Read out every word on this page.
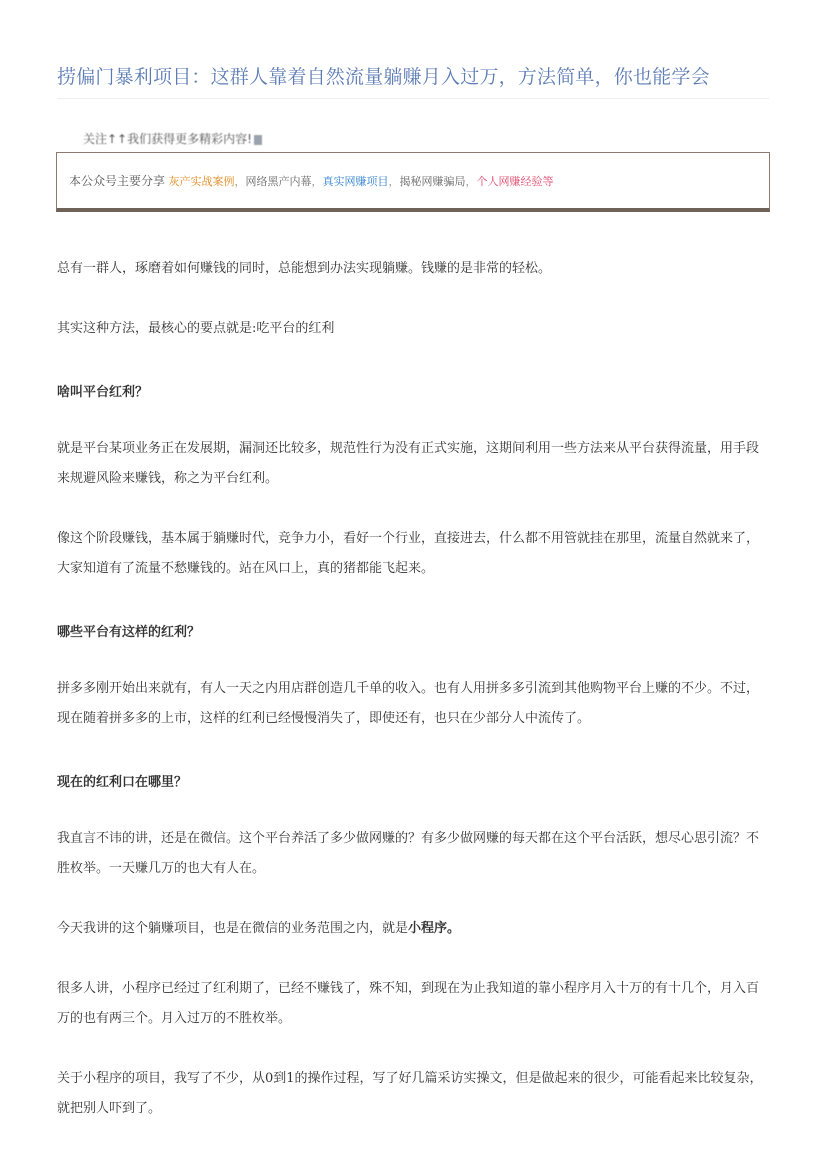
捞偏门暴利项目：这群人靠着自然流量躺赚月入过万，方法简单，你也能学会
关注↑↑我们获得更多精彩内容!
本公众号主要分享 灰产实战案例，网络黑产内幕，真实网赚项目，揭秘网赚骗局，个人网赚经验等
总有一群人，琢磨着如何赚钱的同时，总能想到办法实现躺赚。钱赚的是非常的轻松。
其实这种方法，最核心的要点就是:吃平台的红利
啥叫平台红利？
就是平台某项业务正在发展期，漏洞还比较多，规范性行为没有正式实施，这期间利用一些方法来从平台获得流量，用手段来规避风险来赚钱，称之为平台红利。
像这个阶段赚钱，基本属于躺赚时代，竞争力小，看好一个行业，直接进去，什么都不用管就挂在那里，流量自然就来了，大家知道有了流量不愁赚钱的。站在风口上，真的猪都能飞起来。
哪些平台有这样的红利？
拼多多刚开始出来就有，有人一天之内用店群创造几千单的收入。也有人用拼多多引流到其他购物平台上赚的不少。不过，现在随着拼多多的上市，这样的红利已经慢慢消失了，即使还有，也只在少部分人中流传了。
现在的红利口在哪里？
我直言不讳的讲，还是在微信。这个平台养活了多少做网赚的？有多少做网赚的每天都在这个平台活跃，想尽心思引流？不胜枚举。一天赚几万的也大有人在。
今天我讲的这个躺赚项目，也是在微信的业务范围之内，就是小程序。
很多人讲，小程序已经过了红利期了，已经不赚钱了，殊不知，到现在为止我知道的靠小程序月入十万的有十几个，月入百万的也有两三个。月入过万的不胜枚举。
关于小程序的项目，我写了不少，从0到1的操作过程，写了好几篇采访实操文，但是做起来的很少，可能看起来比较复杂，就把别人吓到了。
